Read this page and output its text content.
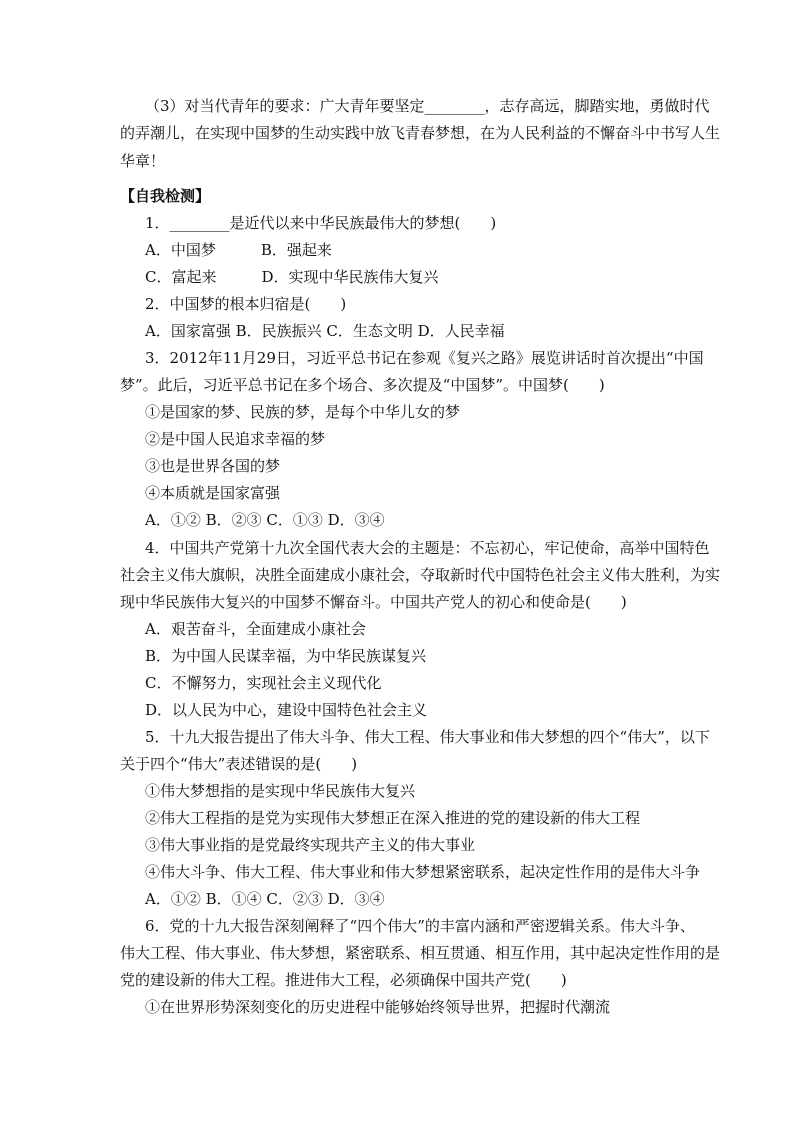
（3）对当代青年的要求：广大青年要坚定________，志存高远，脚踏实地，勇做时代
的弄潮儿，在实现中国梦的生动实践中放飞青春梦想，在为人民利益的不懈奋斗中书写人生
华章！
【自我检测】
1．________是近代以来中华民族最伟大的梦想(　　)
A．中国梦　　　B．强起来
C．富起来　　　D．实现中华民族伟大复兴
2．中国梦的根本归宿是(　　)
A．国家富强 B．民族振兴 C．生态文明 D．人民幸福
3．2012年11月29日，习近平总书记在参观《复兴之路》展览讲话时首次提出“中国
梦”。此后，习近平总书记在多个场合、多次提及“中国梦”。中国梦(　　)
①是国家的梦、民族的梦，是每个中华儿女的梦
②是中国人民追求幸福的梦
③也是世界各国的梦
④本质就是国家富强
A．①② B．②③ C．①③ D．③④
4．中国共产党第十九次全国代表大会的主题是：不忘初心，牢记使命，高举中国特色
社会主义伟大旗帜，决胜全面建成小康社会，夺取新时代中国特色社会主义伟大胜利，为实
现中华民族伟大复兴的中国梦不懈奋斗。中国共产党人的初心和使命是(　　)
A．艰苦奋斗，全面建成小康社会
B．为中国人民谋幸福，为中华民族谋复兴
C．不懈努力，实现社会主义现代化
D．以人民为中心，建设中国特色社会主义
5．十九大报告提出了伟大斗争、伟大工程、伟大事业和伟大梦想的四个“伟大”，以下
关于四个“伟大”表述错误的是(　　)
①伟大梦想指的是实现中华民族伟大复兴
②伟大工程指的是党为实现伟大梦想正在深入推进的党的建设新的伟大工程
③伟大事业指的是党最终实现共产主义的伟大事业
④伟大斗争、伟大工程、伟大事业和伟大梦想紧密联系，起决定性作用的是伟大斗争
A．①② B．①④ C．②③ D．③④
6．党的十九大报告深刻阐释了“四个伟大”的丰富内涵和严密逻辑关系。伟大斗争、
伟大工程、伟大事业、伟大梦想，紧密联系、相互贯通、相互作用，其中起决定性作用的是
党的建设新的伟大工程。推进伟大工程，必须确保中国共产党(　　)
①在世界形势深刻变化的历史进程中能够始终领导世界，把握时代潮流
